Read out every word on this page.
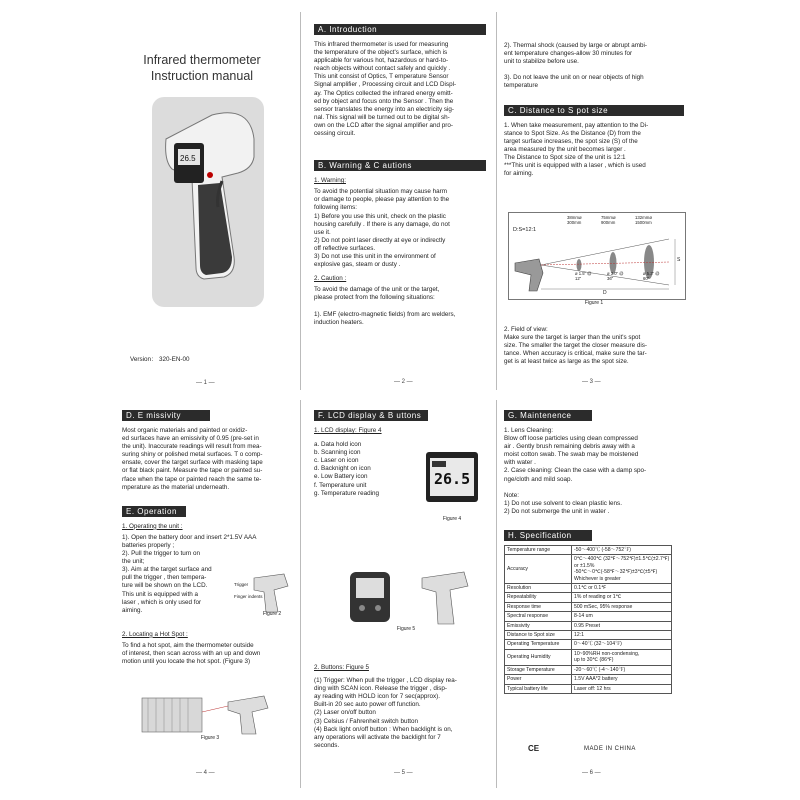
Infrared thermometer
Instruction manual
26.5
Version： 320-EN-00
— 1 —
A. Introduction

This infrared thermometer is used for measuring
the temperature of the object's surface, which is
applicable for various hot, hazardous or hard-to-
reach objects without contact safely and quickly .
This unit consist of Optics, T emperature Sensor
Signal amplifier , Processing circuit and LCD Displ-
ay. The Optics collected the infrared energy emitt-
ed by object and focus onto the Sensor . Then the
sensor translates the energy into an electricity sig-
nal. This signal will be turned out to be digital sh-
own on the LCD after the signal amplifier and pro-
cessing circuit.

B. Warning & C autions
1. Warning:

To avoid the potential situation may cause harm
or damage to people, please pay attention to the
following items:
1) Before you use this unit, check on the plastic
housing carefully . If there is any damage, do not
use it.
2) Do not point laser directly at eye or indirectly
off reflective surfaces.
3) Do not use this unit in the environment of
explosive gas, steam or dusty .

2. Caution :

To avoid the damage of the unit or the target,
please protect from the following situations:

1). EMF (electro-magnetic fields) from arc welders,
induction heaters.

— 2 —

2). Thermal shock (caused by large or abrupt ambi-
ent temperature changes-allow 30 minutes for
unit to stabilize before use.

3). Do not leave the unit on or near objects of high
temperature

C. Distance to S pot size

1. When take measurement, pay attention to the Di-
stance to Spot Size. As the Distance (D) from the
target surface increases, the spot size (S) of the
area measured by the unit becomes larger .
The Distance to Spot size of the unit is 12:1
***This unit is equipped with a laser , which is used
for aiming.

D:S=12:1
38mmø
300mm
75mmø
900mm
132mmø
1500mm
ø 1.5" @
12"
ø 3.0" @
36"
ø 5.3" @
60"
S
D
Figure 1

2. Field of view:
Make sure the target is larger than the unit's spot
size. The smaller the target the closer measure dis-
tance. When accuracy is critical, make sure the tar-
get is at least twice as large as the spot size.

— 3 —
D. E missivity

Most organic materials and painted or oxidiz-
ed surfaces have an emissivity of 0.95 (pre-set in
the unit). Inaccurate readings will result from mea-
suring shiny or polished metal surfaces. T o comp-
ensate, cover the target surface with masking tape
or flat black paint. Measure the tape or painted su-
rface when the tape or painted reach the same te-
mperature as the material underneath.

E. Operation
1. Operating the unit :

1). Open the battery door and insert 2*1.5V AAA
batteries properly ;
2). Pull the trigger to turn on
the unit;
3). Aim at the target surface and
pull the trigger , then tempera-
ture will be shown on the LCD.
This unit is equipped with a
laser , which is only used for
aiming.

2. Locating a Hot Spot :

To find a hot spot, aim the thermometer outside
of interest, then scan across with an up and down
motion until you locate the hot spot. (Figure 3)

Trigger
Finger indents
Figure 2
Figure 3
— 4 —
F. LCD display & B uttons
1. LCD display: Figure 4

a. Data hold icon
b. Scanning icon
c. Laser on icon
d. Backnight on icon
e. Low Battery icon
f. Temperature unit
g. Temperature reading

26.5
Figure 4
Figure 5
2. Buttons: Figure 5

(1) Trigger: When pull the trigger , LCD display rea-
ding with SCAN icon. Release the trigger , disp-
ay reading with HOLD icon for 7 sec(approx).
Built-in 20 sec auto power off function.
(2) Laser on/off button
(3) Celsius / Fahrenheit switch button
(4) Back light on/off button : When backlight is on,
any operations will activate the backlight for 7
seconds.

— 5 —
G. Maintenence

1. Lens Cleaning:
Blow off loose particles using clean compressed
air . Gently brush remaining debris away with a
moist cotton swab. The swab may be moistened
with water .
2. Case cleaning: Clean the case with a damp spo-
nge/cloth and mild soap.

Note:
1) Do not use solvent to clean plastic lens.
2) Do not submerge the unit in water .

H. Specification
Temperature range	-50～400℃ (-58～752℉)
Accuracy	0℃～400℃ (32℉～752℉)±1.5℃(±2.7℉)
or ±1.5%
-50℃～0℃(-58℉～32℉)±3℃(±5℉)
Whichever is greater
Resolution	0.1℃ or 0.1℉
Repeatability	1% of reading or 1℃
Response time	500 mSec, 95% response
Spectral response	8-14 um
Emissivity	0.95 Preset
Distance to Spot size	12:1
Operating Temperature	0～40℃ (32～104℉)
Operating Humidity	10~90%RH non-condensing,
up to 30℃ (86℉)
Storage Temperature	-20～60℃ (-4～140℉)
Power	1.5V AAA*2 battery
Typical battery life	Laser off: 12 hrs
CE	MADE IN CHINA
— 6 —
